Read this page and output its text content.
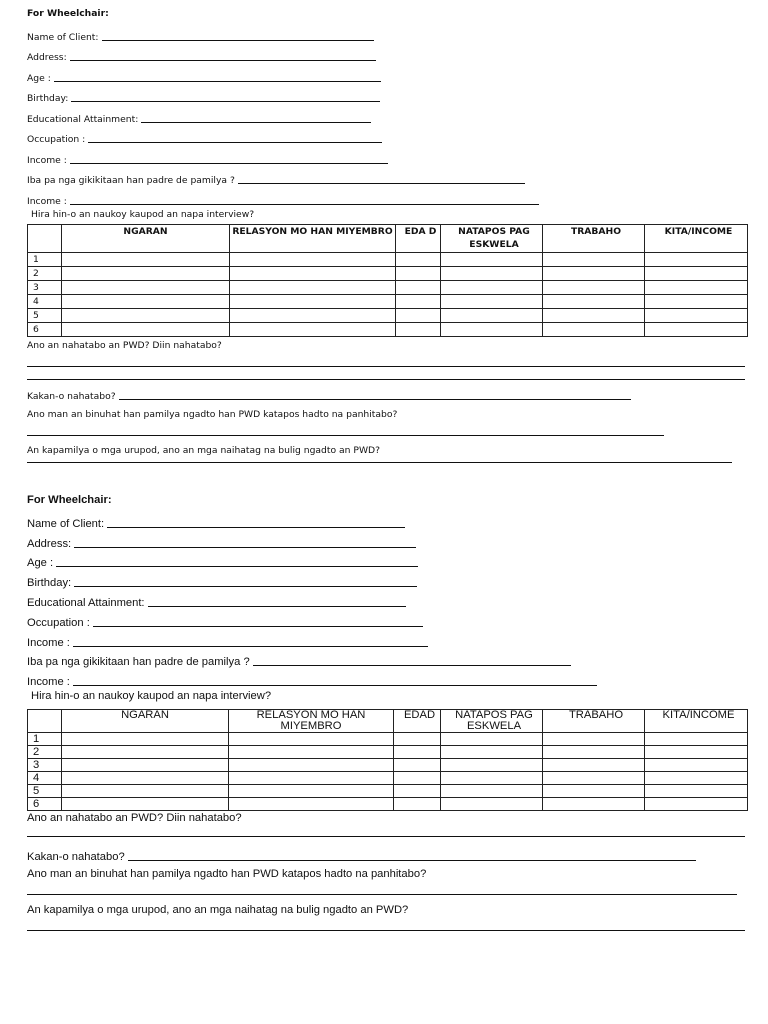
For Wheelchair:
Name of Client:
Address:
Age :
Birthday:
Educational Attainment:
Occupation :
Income :
Iba pa nga gikikitaan han padre de pamilya ?
Income :
Hira hin-o an naukoy kaupod an napa interview?
	NGARAN	RELASYON MO HAN MIYEMBRO	EDA D	NATAPOS PAG ESKWELA	TRABAHO	KITA/INCOME
1						
2						
3						
4						
5						
6						
Ano an nahatabo an PWD? Diin nahatabo?
Kakan-o nahatabo?
Ano man an binuhat han pamilya ngadto han PWD katapos hadto na panhitabo?
An kapamilya o mga urupod, ano an mga naihatag na bulig ngadto an PWD?
For Wheelchair:
Name of Client:
Address:
Age :
Birthday:
Educational Attainment:
Occupation :
Income :
Iba pa nga gikikitaan han padre de pamilya ?
Income :
Hira hin-o an naukoy kaupod an napa interview?
	NGARAN	RELASYON MO HAN MIYEMBRO	EDAD	NATAPOS PAG ESKWELA	TRABAHO	KITA/INCOME
1						
2						
3						
4						
5						
6						
Ano an nahatabo an PWD? Diin nahatabo?
Kakan-o nahatabo?
Ano man an binuhat han pamilya ngadto han PWD katapos hadto na panhitabo?
An kapamilya o mga urupod, ano an mga naihatag na bulig ngadto an PWD?
